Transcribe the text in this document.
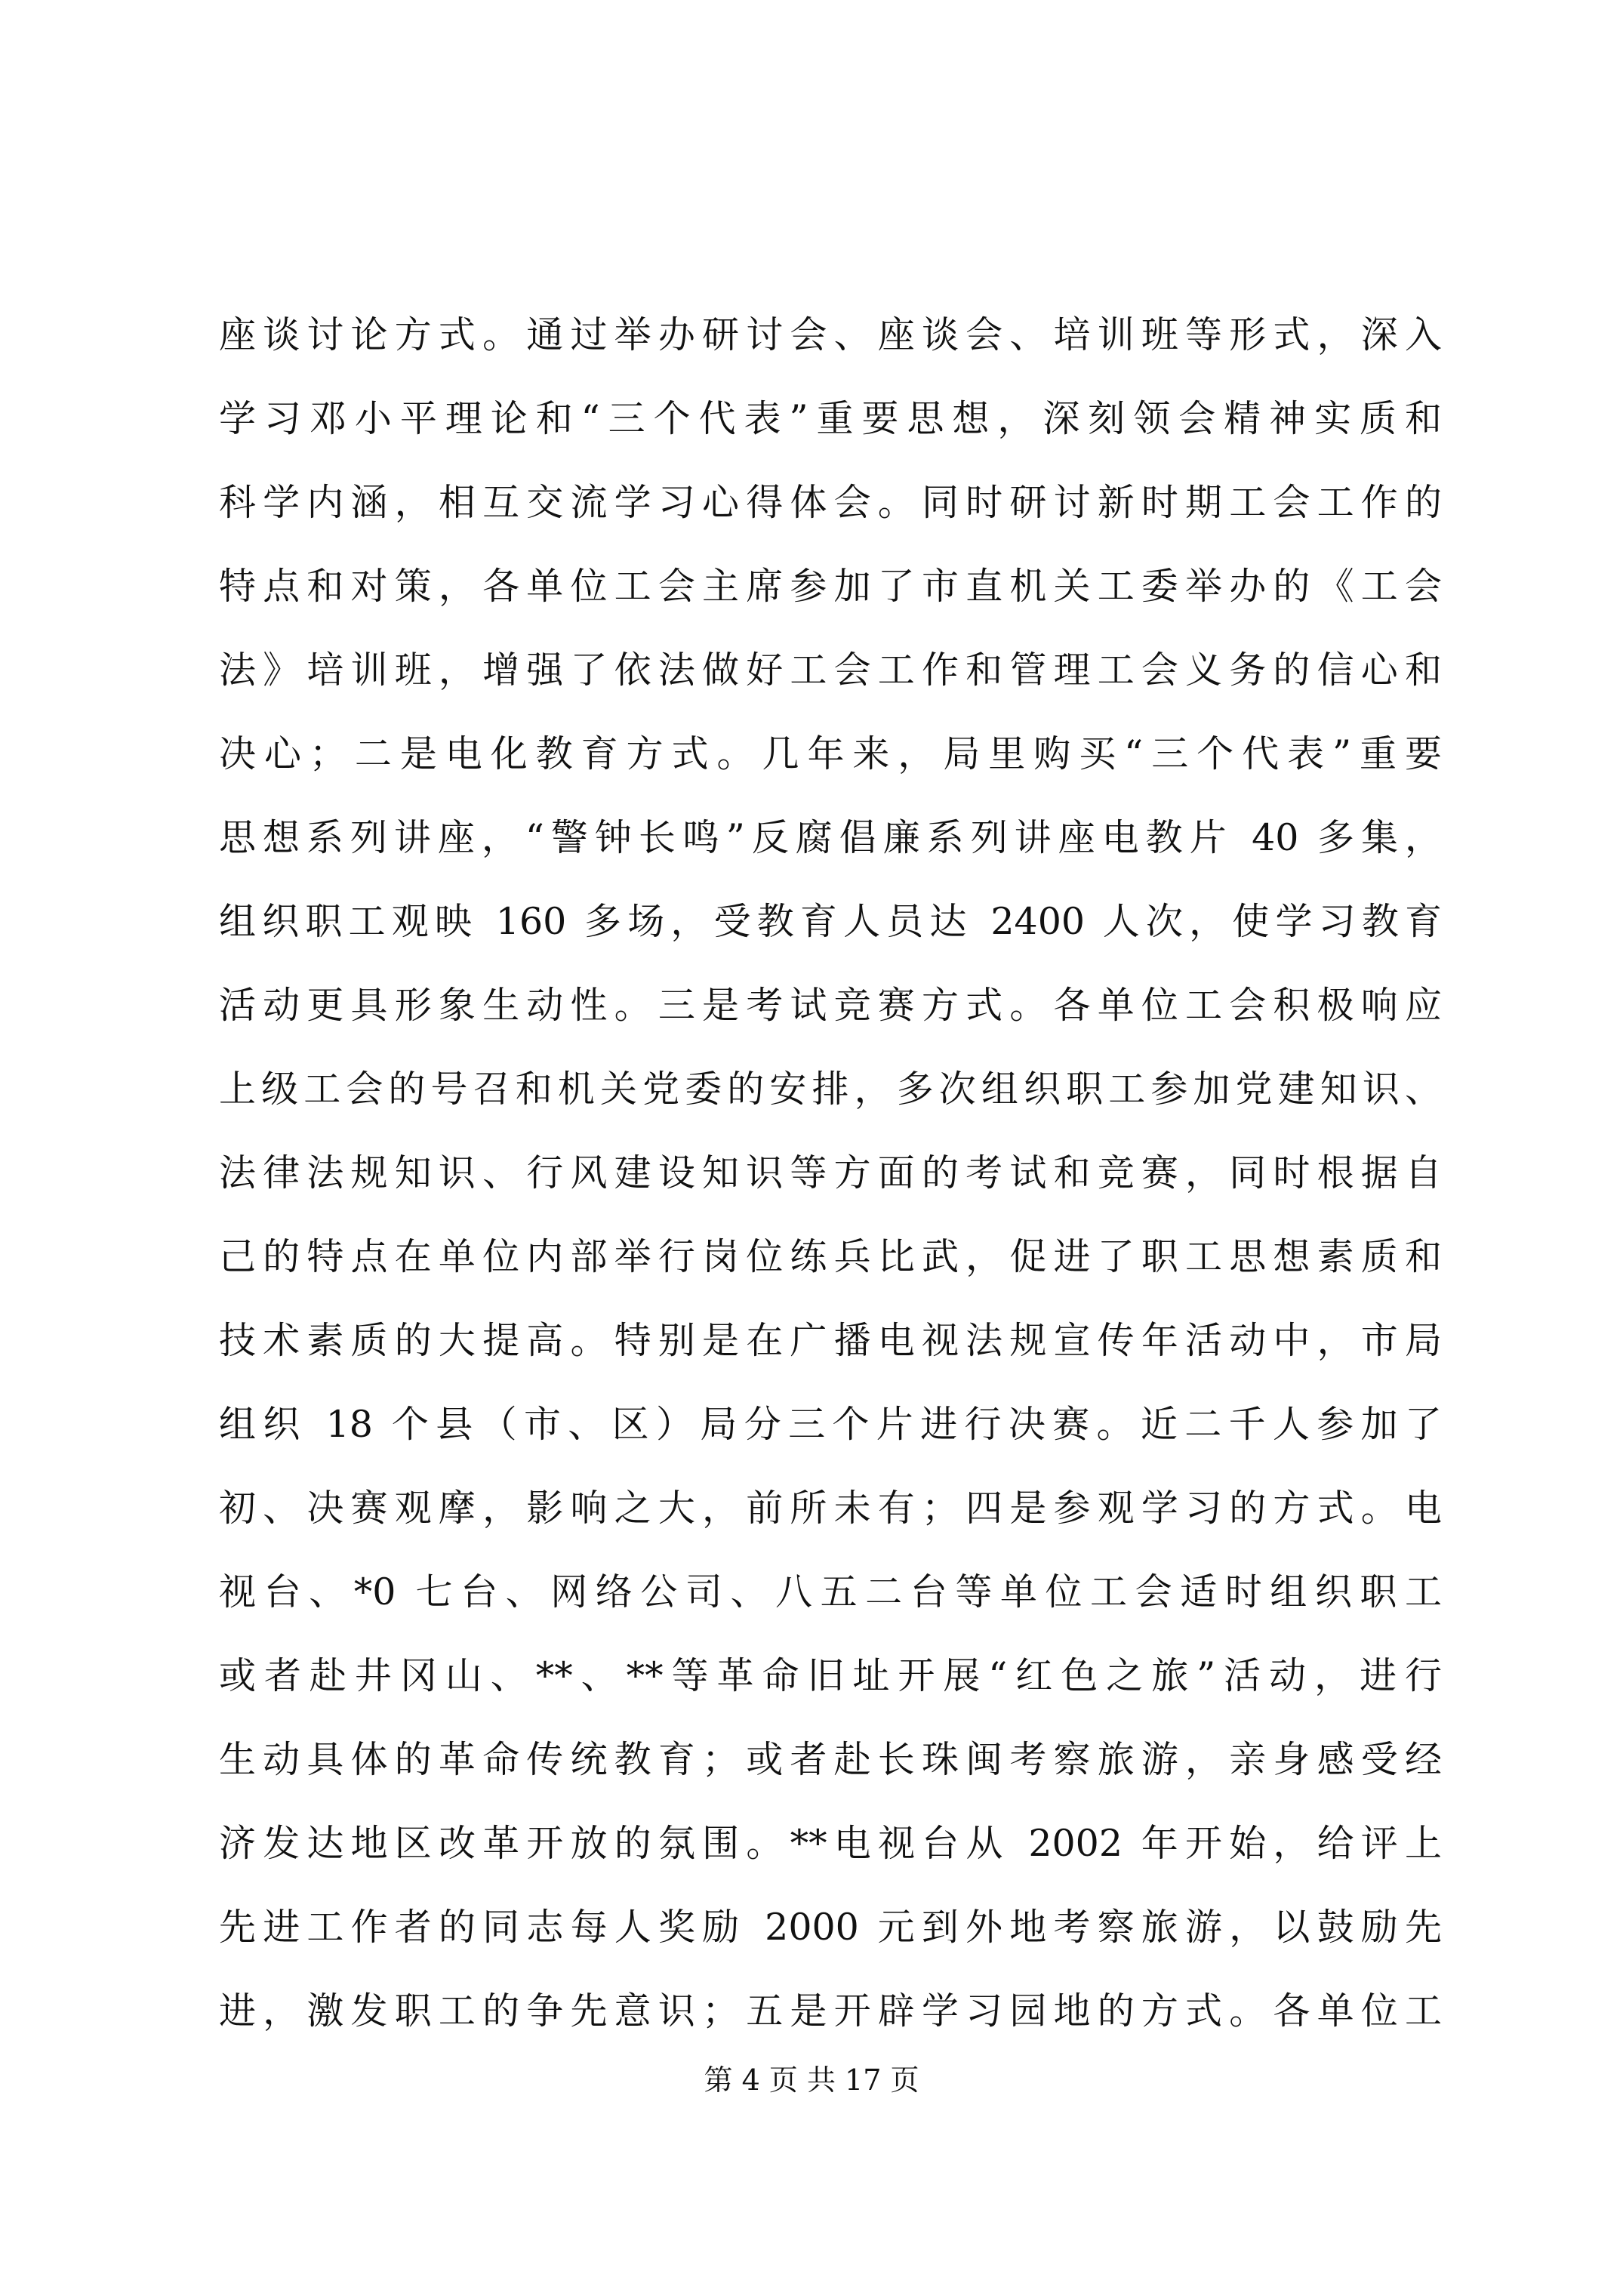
座谈讨论方式。通过举办研讨会、座谈会、培训班等形式，深入
学习邓小平理论和“三个代表”重要思想，深刻领会精神实质和
科学内涵，相互交流学习心得体会。同时研讨新时期工会工作的
特点和对策，各单位工会主席参加了市直机关工委举办的《工会
法》培训班，增强了依法做好工会工作和管理工会义务的信心和
决心；二是电化教育方式。几年来，局里购买“三个代表”重要
思想系列讲座，“警钟长鸣”反腐倡廉系列讲座电教片 40 多集，
组织职工观映 160 多场，受教育人员达 2400 人次，使学习教育
活动更具形象生动性。三是考试竞赛方式。各单位工会积极响应
上级工会的号召和机关党委的安排，多次组织职工参加党建知识、
法律法规知识、行风建设知识等方面的考试和竞赛，同时根据自
己的特点在单位内部举行岗位练兵比武，促进了职工思想素质和
技术素质的大提高。特别是在广播电视法规宣传年活动中，市局
组织 18 个县（市、区）局分三个片进行决赛。近二千人参加了
初、决赛观摩，影响之大，前所未有；四是参观学习的方式。电
视台、*0 七台、网络公司、八五二台等单位工会适时组织职工
或者赴井冈山、**、**等革命旧址开展“红色之旅”活动，进行
生动具体的革命传统教育；或者赴长珠闽考察旅游，亲身感受经
济发达地区改革开放的氛围。**电视台从 2002 年开始，给评上
先进工作者的同志每人奖励 2000 元到外地考察旅游，以鼓励先
进，激发职工的争先意识；五是开辟学习园地的方式。各单位工
第 4 页 共 17 页
